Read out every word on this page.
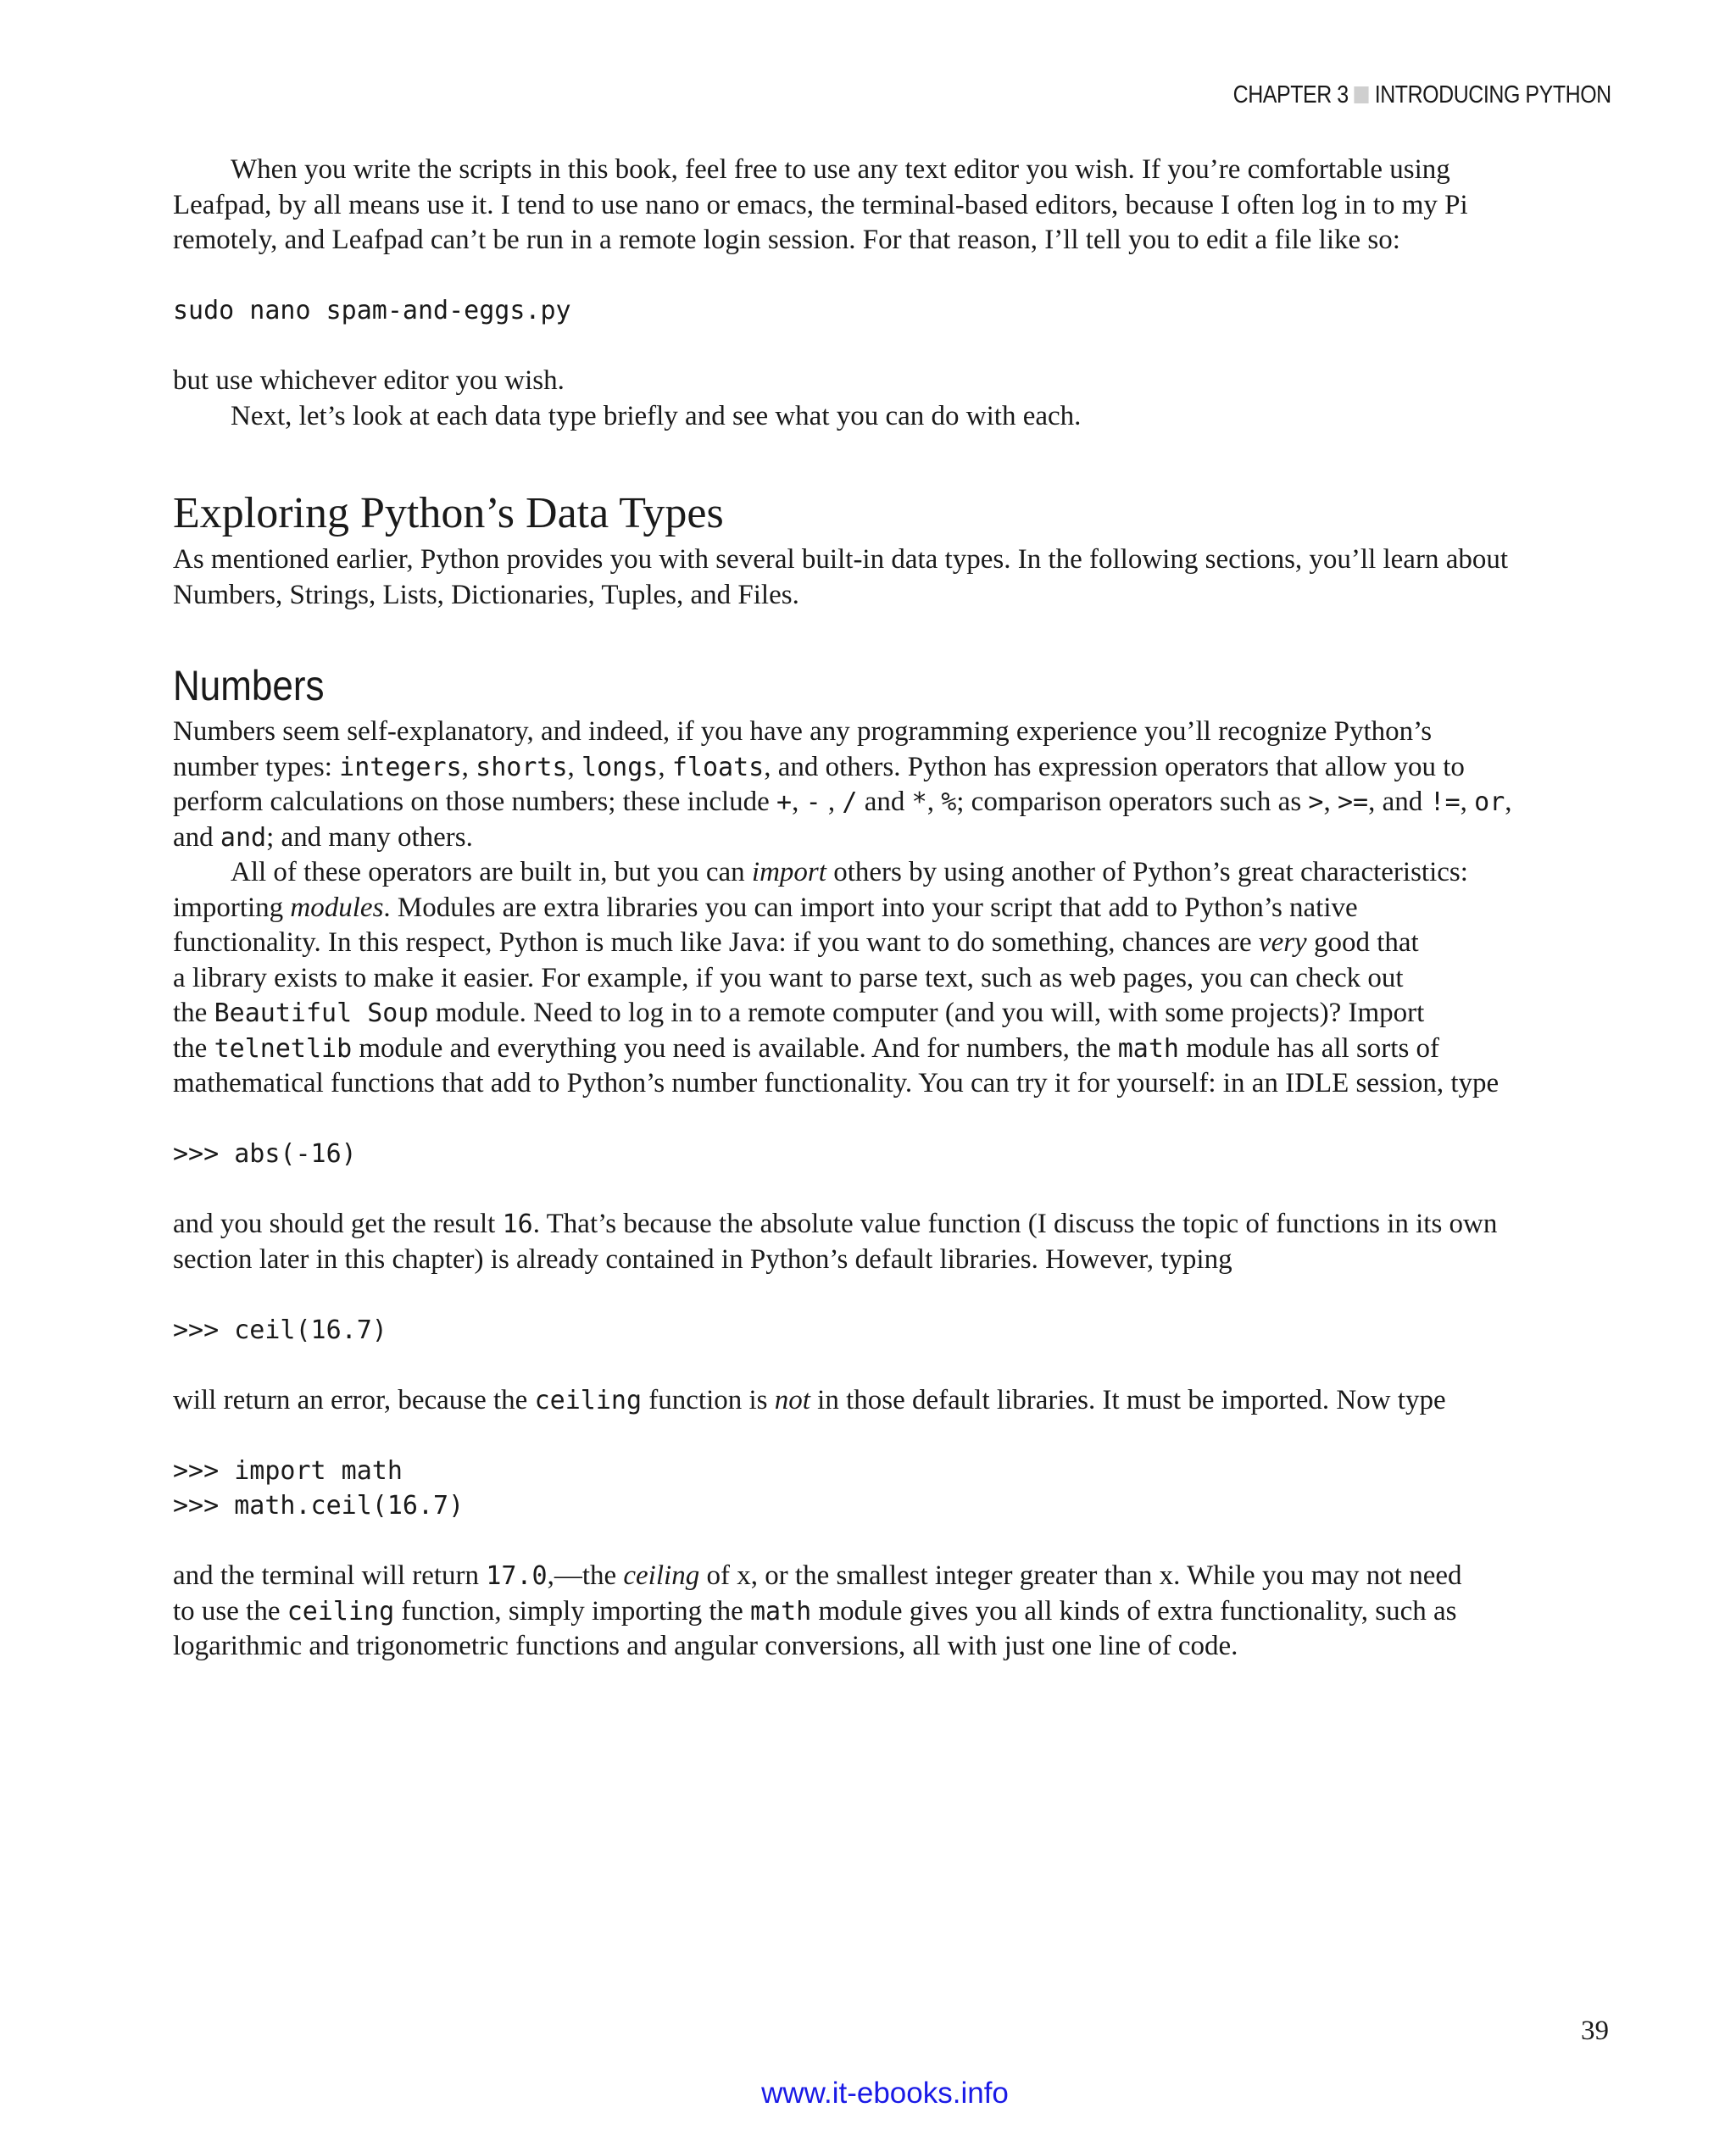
CHAPTER 3 INTRODUCING PYTHON

When you write the scripts in this book, feel free to use any text editor you wish. If you’re comfortable using

Leafpad, by all means use it. I tend to use nano or emacs, the terminal-based editors, because I often log in to my Pi

remotely, and Leafpad can’t be run in a remote login session. For that reason, I’ll tell you to edit a file like so:

sudo nano spam-and-eggs.py

but use whichever editor you wish.

Next, let’s look at each data type briefly and see what you can do with each.

Exploring Python’s Data Types

As mentioned earlier, Python provides you with several built-in data types. In the following sections, you’ll learn about

Numbers, Strings, Lists, Dictionaries, Tuples, and Files.

Numbers

Numbers seem self-explanatory, and indeed, if you have any programming experience you’ll recognize Python’s

number types: integers, shorts, longs, floats, and others. Python has expression operators that allow you to

perform calculations on those numbers; these include +, - , / and *, %; comparison operators such as >, >=, and !=, or,

and and; and many others.

All of these operators are built in, but you can import others by using another of Python’s great characteristics:

importing modules. Modules are extra libraries you can import into your script that add to Python’s native

functionality. In this respect, Python is much like Java: if you want to do something, chances are very good that

a library exists to make it easier. For example, if you want to parse text, such as web pages, you can check out

the Beautiful Soup module. Need to log in to a remote computer (and you will, with some projects)? Import

the telnetlib module and everything you need is available. And for numbers, the math module has all sorts of

mathematical functions that add to Python’s number functionality. You can try it for yourself: in an IDLE session, type

>>> abs(-16)

and you should get the result 16. That’s because the absolute value function (I discuss the topic of functions in its own

section later in this chapter) is already contained in Python’s default libraries. However, typing

>>> ceil(16.7)

will return an error, because the ceiling function is not in those default libraries. It must be imported. Now type

>>> import math

>>> math.ceil(16.7)

and the terminal will return 17.0,—the ceiling of x, or the smallest integer greater than x. While you may not need

to use the ceiling function, simply importing the math module gives you all kinds of extra functionality, such as

logarithmic and trigonometric functions and angular conversions, all with just one line of code.

39
www.it-ebooks.info
